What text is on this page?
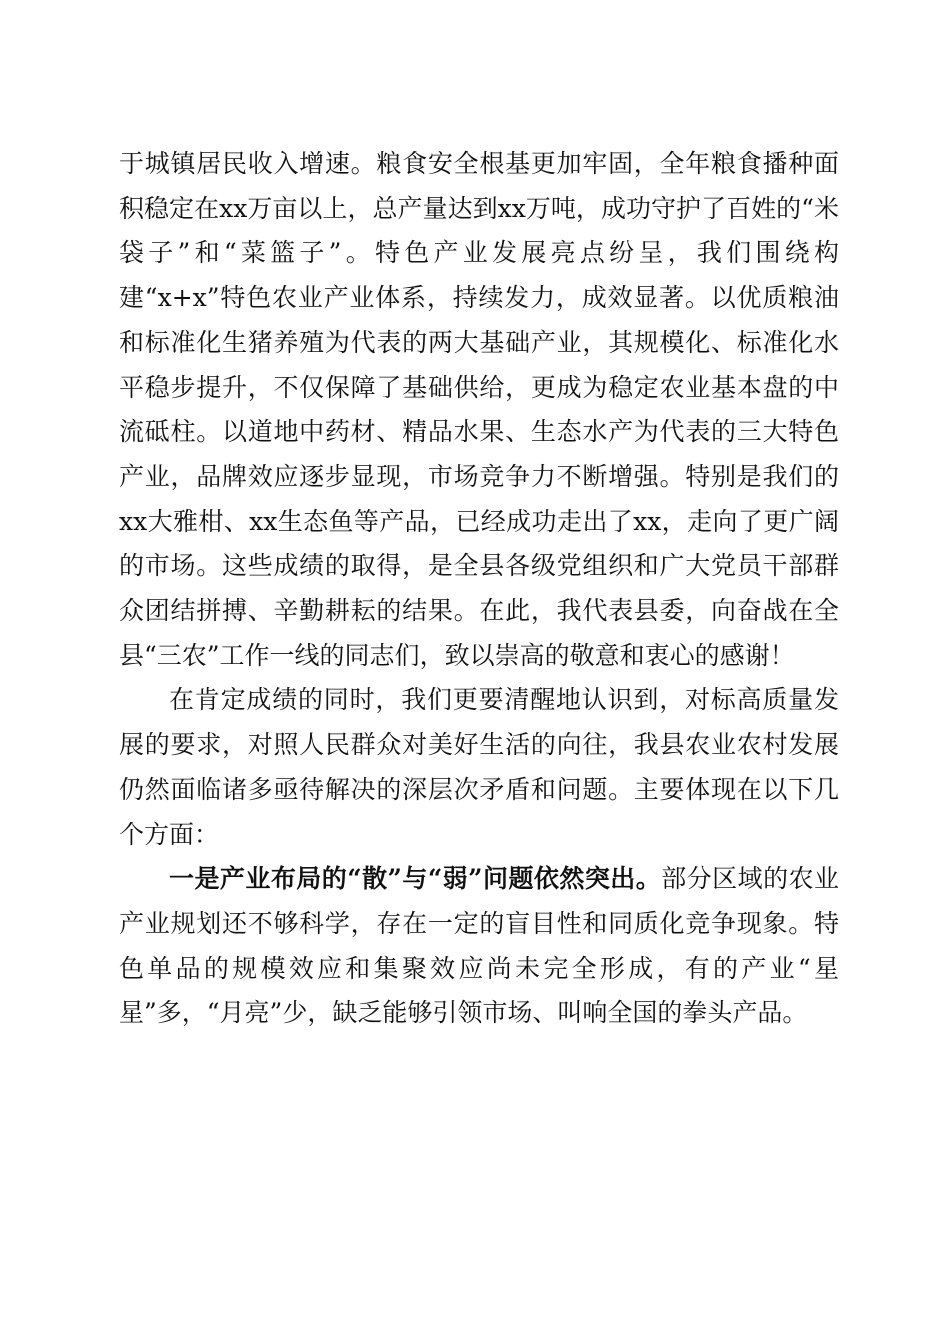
于城镇居民收入增速。粮食安全根基更加牢固，全年粮食播种面积稳定在xx万亩以上，总产量达到xx万吨，成功守护了百姓的“米袋子”和“菜篮子”。特色产业发展亮点纷呈，我们围绕构建“x+x”特色农业产业体系，持续发力，成效显著。以优质粮油和标准化生猪养殖为代表的两大基础产业，其规模化、标准化水平稳步提升，不仅保障了基础供给，更成为稳定农业基本盘的中流砥柱。以道地中药材、精品水果、生态水产为代表的三大特色产业，品牌效应逐步显现，市场竞争力不断增强。特别是我们的xx大雅柑、xx生态鱼等产品，已经成功走出了xx，走向了更广阔的市场。这些成绩的取得，是全县各级党组织和广大党员干部群众团结拼搏、辛勤耕耘的结果。在此，我代表县委，向奋战在全县“三农”工作一线的同志们，致以崇高的敬意和衷心的感谢！

在肯定成绩的同时，我们更要清醒地认识到，对标高质量发展的要求，对照人民群众对美好生活的向往，我县农业农村发展仍然面临诸多亟待解决的深层次矛盾和问题。主要体现在以下几个方面：

一是产业布局的“散”与“弱”问题依然突出。部分区域的农业产业规划还不够科学，存在一定的盲目性和同质化竞争现象。特色单品的规模效应和集聚效应尚未完全形成，有的产业“星星”多，“月亮”少，缺乏能够引领市场、叫响全国的拳头产品。
